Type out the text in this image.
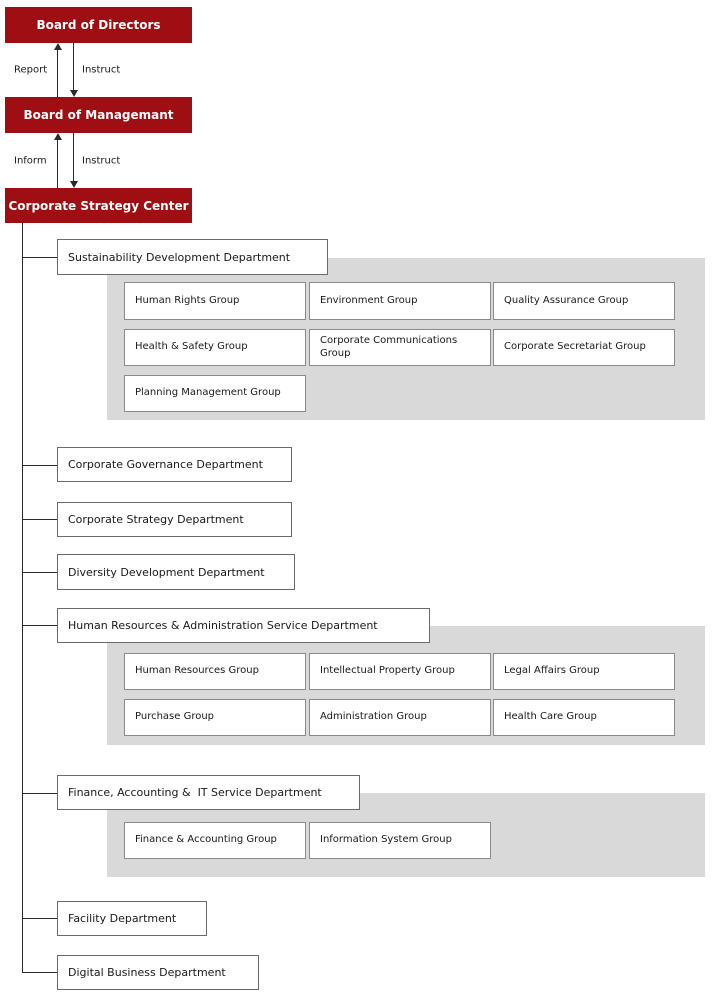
Board of Directors
Board of Managemant
Corporate Strategy Center
Report	Instruct
Inform	Instruct
Sustainability Development Department
Corporate Governance Department
Corporate Strategy Department
Diversity Development Department
Human Resources & Administration Service Department
Finance, Accounting &  IT Service Department
Facility Department
Digital Business Department
Human Rights Group	Environment Group	Quality Assurance Group
Health & Safety Group
Corporate Communications Group
Corporate Secretariat Group
Planning Management Group
Human Resources Group	Intellectual Property Group	Legal Affairs Group
Purchase Group	Administration Group	Health Care Group
Finance & Accounting Group	Information System Group
